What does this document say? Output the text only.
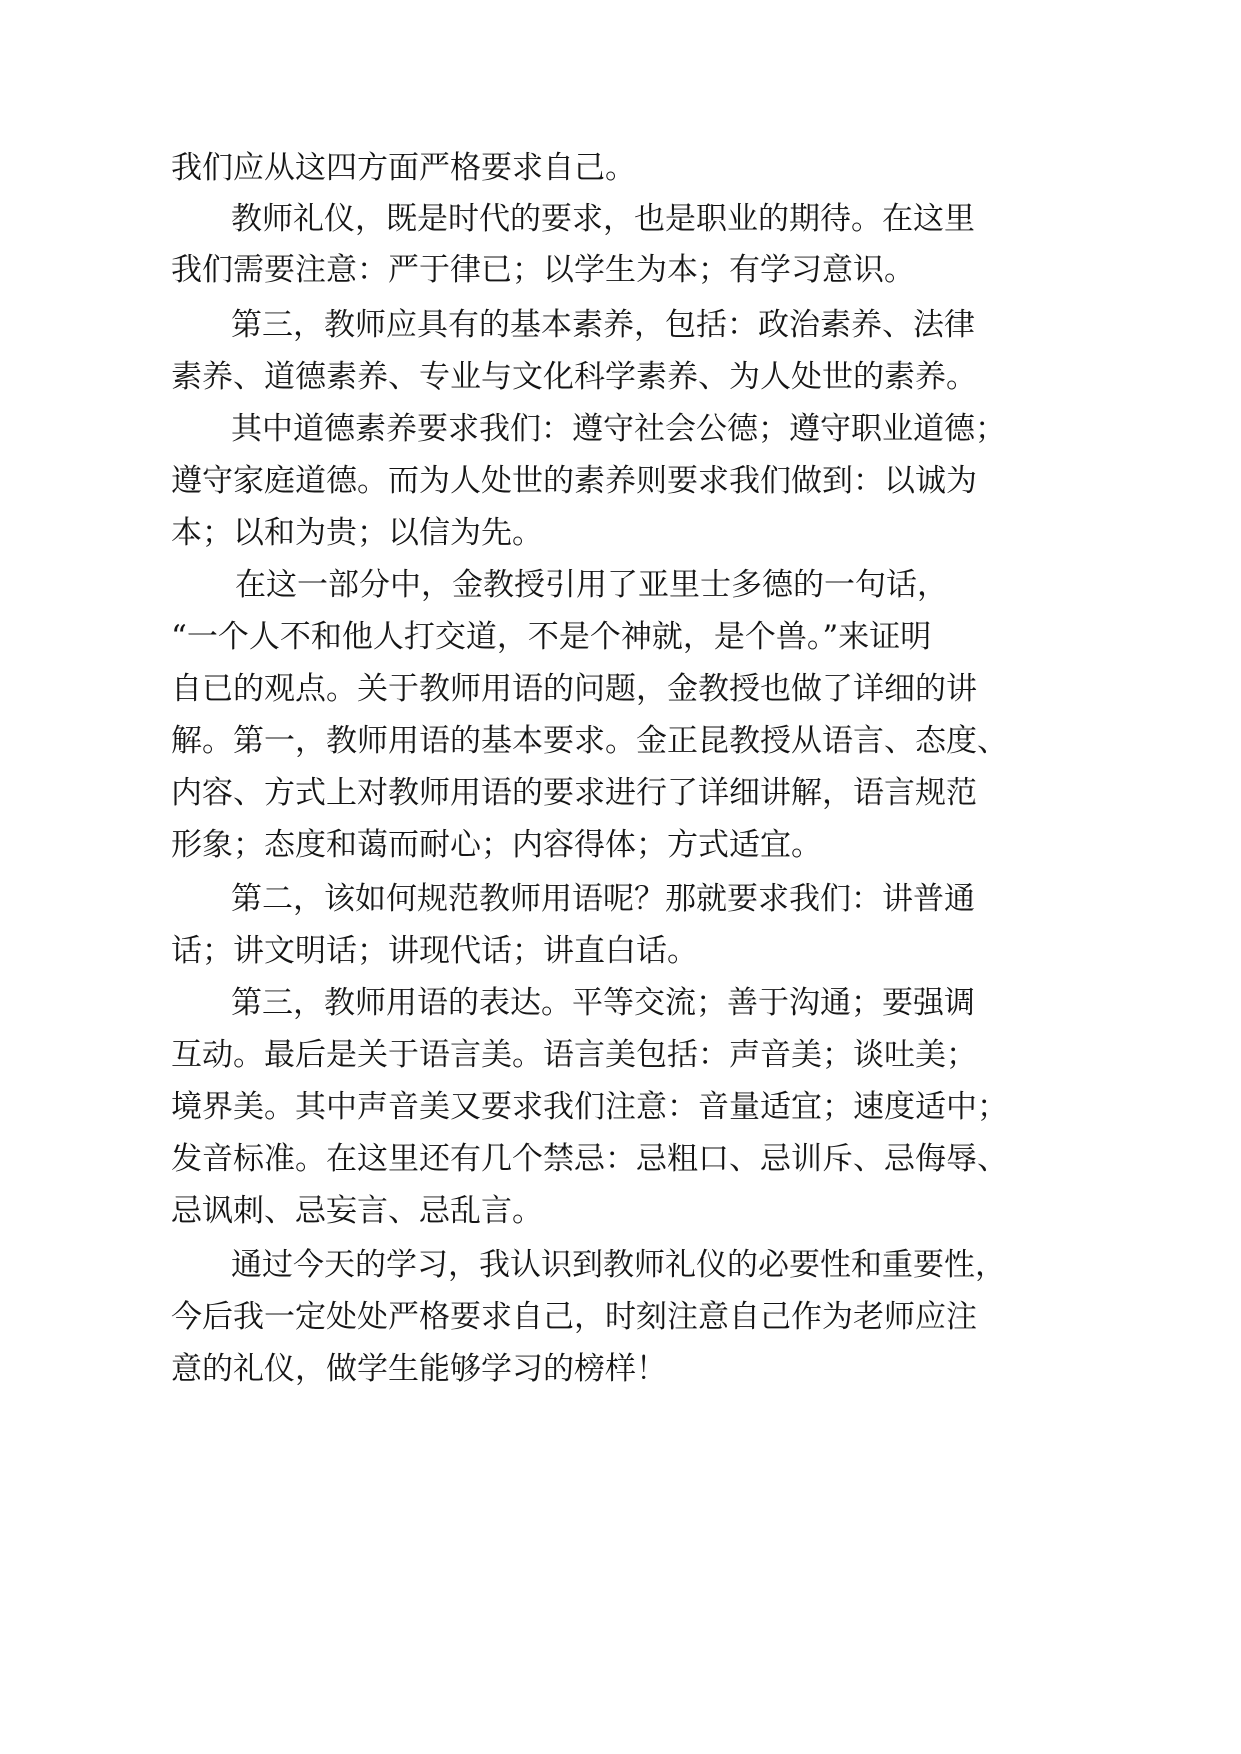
我们应从这四方面严格要求自己。
教师礼仪，既是时代的要求，也是职业的期待。在这里
我们需要注意：严于律已；以学生为本；有学习意识。
第三，教师应具有的基本素养，包括：政治素养、法律
素养、道德素养、专业与文化科学素养、为人处世的素养。
其中道德素养要求我们：遵守社会公德；遵守职业道德；
遵守家庭道德。而为人处世的素养则要求我们做到：以诚为
本；以和为贵；以信为先。
在这一部分中，金教授引用了亚里士多德的一句话，
“一个人不和他人打交道，不是个神就，是个兽。”来证明
自已的观点。关于教师用语的问题，金教授也做了详细的讲
解。第一，教师用语的基本要求。金正昆教授从语言、态度、
内容、方式上对教师用语的要求进行了详细讲解，语言规范
形象；态度和蔼而耐心；内容得体；方式适宜。
第二，该如何规范教师用语呢？那就要求我们：讲普通
话；讲文明话；讲现代话；讲直白话。
第三，教师用语的表达。平等交流；善于沟通；要强调
互动。最后是关于语言美。语言美包括：声音美；谈吐美；
境界美。其中声音美又要求我们注意：音量适宜；速度适中；
发音标准。在这里还有几个禁忌：忌粗口、忌训斥、忌侮辱、
忌讽刺、忌妄言、忌乱言。
通过今天的学习，我认识到教师礼仪的必要性和重要性，
今后我一定处处严格要求自己，时刻注意自己作为老师应注
意的礼仪，做学生能够学习的榜样！
